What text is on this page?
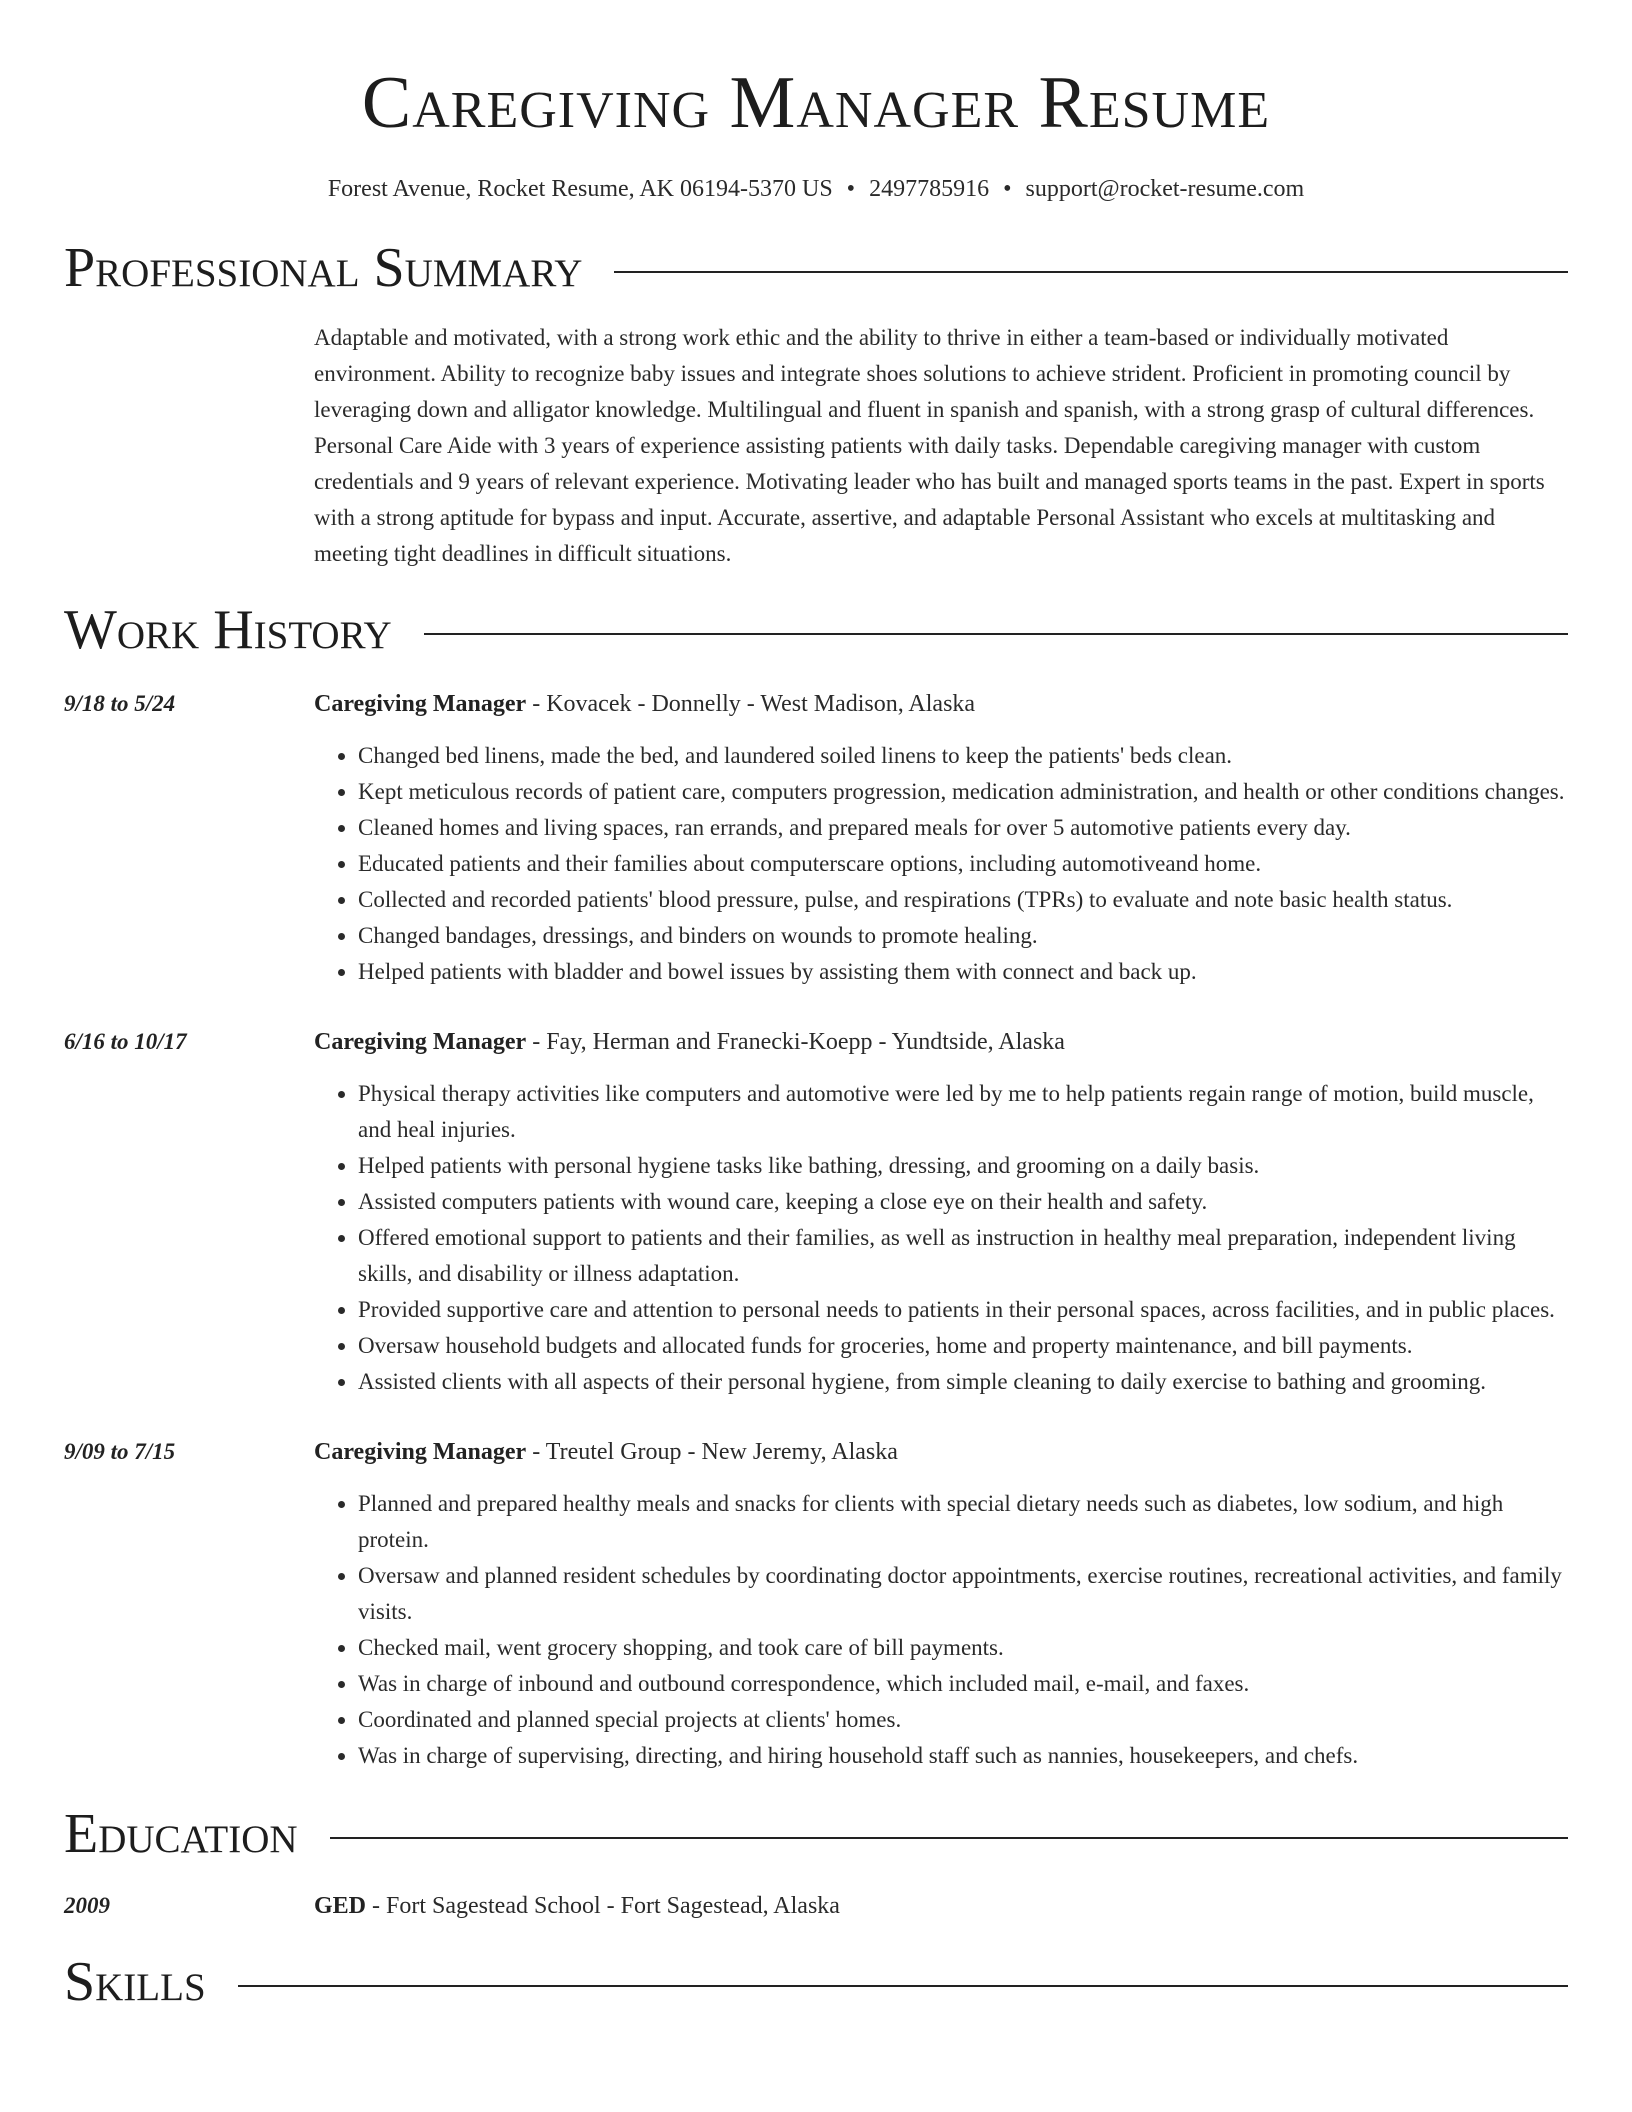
Caregiving Manager Resume
Forest Avenue, Rocket Resume, AK 06194-5370 US • 2497785916 • support@rocket-resume.com
Professional Summary
Adaptable and motivated, with a strong work ethic and the ability to thrive in either a team-based or individually motivated environment. Ability to recognize baby issues and integrate shoes solutions to achieve strident. Proficient in promoting council by leveraging down and alligator knowledge. Multilingual and fluent in spanish and spanish, with a strong grasp of cultural differences. Personal Care Aide with 3 years of experience assisting patients with daily tasks. Dependable caregiving manager with custom credentials and 9 years of relevant experience. Motivating leader who has built and managed sports teams in the past. Expert in sports with a strong aptitude for bypass and input. Accurate, assertive, and adaptable Personal Assistant who excels at multitasking and meeting tight deadlines in difficult situations.
Work History
9/18 to 5/24	Caregiving Manager - Kovacek - Donnelly - West Madison, Alaska
• Changed bed linens, made the bed, and laundered soiled linens to keep the patients' beds clean.
• Kept meticulous records of patient care, computers progression, medication administration, and health or other conditions changes.
• Cleaned homes and living spaces, ran errands, and prepared meals for over 5 automotive patients every day.
• Educated patients and their families about computerscare options, including automotiveand home.
• Collected and recorded patients' blood pressure, pulse, and respirations (TPRs) to evaluate and note basic health status.
• Changed bandages, dressings, and binders on wounds to promote healing.
• Helped patients with bladder and bowel issues by assisting them with connect and back up.
6/16 to 10/17	Caregiving Manager - Fay, Herman and Franecki-Koepp - Yundtside, Alaska
• Physical therapy activities like computers and automotive were led by me to help patients regain range of motion, build muscle, and heal injuries.
• Helped patients with personal hygiene tasks like bathing, dressing, and grooming on a daily basis.
• Assisted computers patients with wound care, keeping a close eye on their health and safety.
• Offered emotional support to patients and their families, as well as instruction in healthy meal preparation, independent living skills, and disability or illness adaptation.
• Provided supportive care and attention to personal needs to patients in their personal spaces, across facilities, and in public places.
• Oversaw household budgets and allocated funds for groceries, home and property maintenance, and bill payments.
• Assisted clients with all aspects of their personal hygiene, from simple cleaning to daily exercise to bathing and grooming.
9/09 to 7/15	Caregiving Manager - Treutel Group - New Jeremy, Alaska
• Planned and prepared healthy meals and snacks for clients with special dietary needs such as diabetes, low sodium, and high protein.
• Oversaw and planned resident schedules by coordinating doctor appointments, exercise routines, recreational activities, and family visits.
• Checked mail, went grocery shopping, and took care of bill payments.
• Was in charge of inbound and outbound correspondence, which included mail, e-mail, and faxes.
• Coordinated and planned special projects at clients' homes.
• Was in charge of supervising, directing, and hiring household staff such as nannies, housekeepers, and chefs.
Education
2009	GED - Fort Sagestead School - Fort Sagestead, Alaska
Skills
